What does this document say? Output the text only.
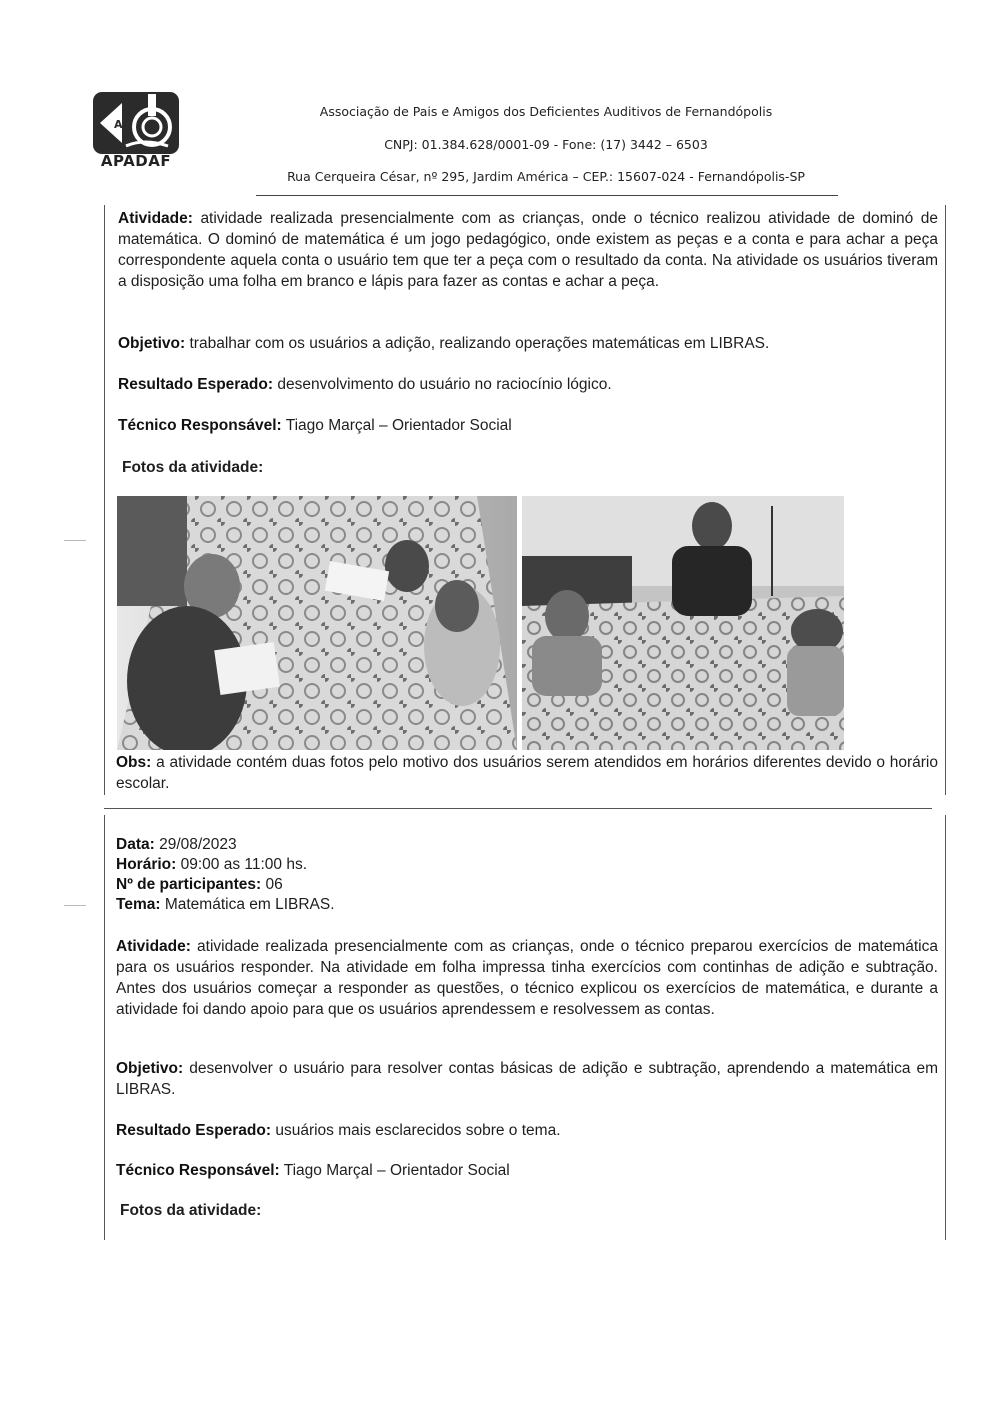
A
APADAF
Associação de Pais e Amigos dos Deficientes Auditivos de Fernandópolis
CNPJ: 01.384.628/0001-09 - Fone: (17) 3442 – 6503
Rua Cerqueira César, nº 295, Jardim América – CEP.: 15607-024 - Fernandópolis-SP
Atividade: atividade realizada presencialmente com as crianças, onde o técnico realizou atividade de dominó de matemática. O dominó de matemática é um jogo pedagógico, onde existem as peças e a conta e para achar a peça correspondente aquela conta o usuário tem que ter a peça com o resultado da conta. Na atividade os usuários tiveram a disposição uma folha em branco e lápis para fazer as contas e achar a peça.
Objetivo: trabalhar com os usuários a adição, realizando operações matemáticas em LIBRAS.
Resultado Esperado: desenvolvimento do usuário no raciocínio lógico.
Técnico Responsável: Tiago Marçal – Orientador Social
Fotos da atividade:
Obs: a atividade contém duas fotos pelo motivo dos usuários serem atendidos em horários diferentes devido o horário escolar.
Data: 29/08/2023
Horário: 09:00 as 11:00 hs.
Nº de participantes: 06
Tema: Matemática em LIBRAS.
Atividade: atividade realizada presencialmente com as crianças, onde o técnico preparou exercícios de matemática para os usuários responder. Na atividade em folha impressa tinha exercícios com continhas de adição e subtração. Antes dos usuários começar a responder as questões, o técnico explicou os exercícios de matemática, e durante a atividade foi dando apoio para que os usuários aprendessem e resolvessem as contas.
Objetivo: desenvolver o usuário para resolver contas básicas de adição e subtração, aprendendo a matemática em LIBRAS.
Resultado Esperado: usuários mais esclarecidos sobre o tema.
Técnico Responsável: Tiago Marçal – Orientador Social
Fotos da atividade:
